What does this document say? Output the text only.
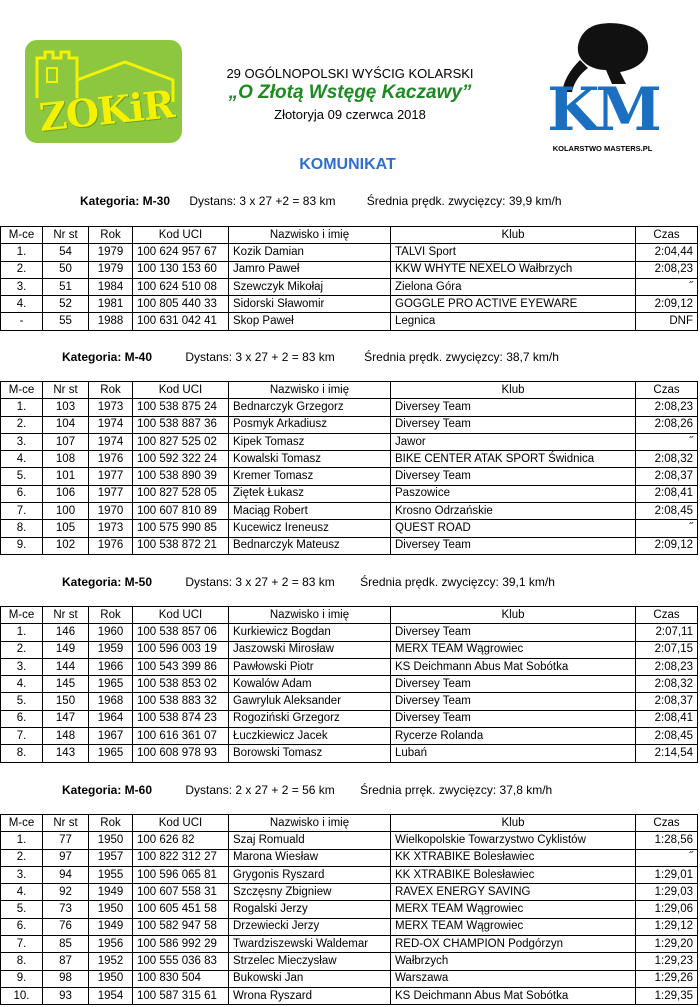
ZOKiR
29 OGÓLNOPOLSKI WYŚCIG KOLARSKI
„O Złotą Wstęgę Kaczawy”
Złotoryja 09 czerwca 2018	KM
KOLARSTWO MASTERS.PL
KOMUNIKAT
Kategoria: M-30 Dystans: 3 x 27 +2 = 83 km	Średnia prędk. zwycięzcy: 39,9 km/h
M-ce	Nr st	Rok	Kod UCI	Nazwisko i imię	Klub	Czas
1.	54	1979	100 624 957 67	Kozik Damian	TALVI Sport	2:04,44
2.	50	1979	100 130 153 60	Jamro Paweł	KKW WHYTE NEXELO Wałbrzych	2:08,23
3.	51	1984	100 624 510 08	Szewczyk Mikołaj	Zielona Góra	˝
4.	52	1981	100 805 440 33	Sidorski Sławomir	GOGGLE PRO ACTIVE EYEWARE	2:09,12
-	55	1988	100 631 042 41	Skop Paweł	Legnica	DNF
Kategoria: M-40	Dystans: 3 x 27 + 2 = 83 km Średnia prędk. zwycięzcy: 38,7 km/h
M-ce	Nr st	Rok	Kod UCI	Nazwisko i imię	Klub	Czas
1.	103	1973	100 538 875 24	Bednarczyk Grzegorz	Diversey Team	2:08,23
2.	104	1974	100 538 887 36	Posmyk Arkadiusz	Diversey Team	2:08,26
3.	107	1974	100 827 525 02	Kipek Tomasz	Jawor	˝
4.	108	1976	100 592 322 24	Kowalski Tomasz	BIKE CENTER ATAK SPORT Świdnica	2:08,32
5.	101	1977	100 538 890 39	Kremer Tomasz	Diversey Team	2:08,37
6.	106	1977	100 827 528 05	Ziętek Łukasz	Paszowice	2:08,41
7.	100	1970	100 607 810 89	Maciąg Robert	Krosno Odrzańskie	2:08,45
8.	105	1973	100 575 990 85	Kucewicz Ireneusz	QUEST ROAD	˝
9.	102	1976	100 538 872 21	Bednarczyk Mateusz	Diversey Team	2:09,12
Kategoria: M-50	Dystans: 3 x 27 + 2 = 83 km Średnia prędk. zwycięzcy: 39,1 km/h
M-ce	Nr st	Rok	Kod UCI	Nazwisko i imię	Klub	Czas
1.	146	1960	100 538 857 06	Kurkiewicz Bogdan	Diversey Team	2:07,11
2.	149	1959	100 596 003 19	Jaszowski Mirosław	MERX TEAM Wągrowiec	2:07,15
3.	144	1966	100 543 399 86	Pawłowski Piotr	KS Deichmann Abus Mat Sobótka	2:08,23
4.	145	1965	100 538 853 02	Kowalów Adam	Diversey Team	2:08,32
5.	150	1968	100 538 883 32	Gawryluk Aleksander	Diversey Team	2:08,37
6.	147	1964	100 538 874 23	Rogoziński Grzegorz	Diversey Team	2:08,41
7.	148	1967	100 616 361 07	Łuczkiewicz Jacek	Rycerze Rolanda	2:08,45
8.	143	1965	100 608 978 93	Borowski Tomasz	Lubań	2:14,54
Kategoria: M-60	Dystans: 2 x 27 + 2 = 56 km Średnia prręk. zwycięzcy: 37,8 km/h
M-ce	Nr st	Rok	Kod UCI	Nazwisko i imię	Klub	Czas
1.	77	1950	100 626 82	Szaj Romuald	Wielkopolskie Towarzystwo Cyklistów	1:28,56
2.	97	1957	100 822 312 27	Marona Wiesław	KK XTRABIKE Bolesławiec	˝
3.	94	1955	100 596 065 81	Grygonis Ryszard	KK XTRABIKE Bolesławiec	1:29,01
4.	92	1949	100 607 558 31	Szczęsny Zbigniew	RAVEX ENERGY SAVING	1:29,03
5.	73	1950	100 605 451 58	Rogalski Jerzy	MERX TEAM Wągrowiec	1:29,06
6.	76	1949	100 582 947 58	Drzewiecki Jerzy	MERX TEAM Wągrowiec	1:29,12
7.	85	1956	100 586 992 29	Twardziszewski Waldemar	RED-OX CHAMPION Podgórzyn	1:29,20
8.	87	1952	100 555 036 83	Strzelec Mieczysław	Wałbrzych	1:29,23
9.	98	1950	100 830 504	Bukowski Jan	Warszawa	1:29,26
10.	93	1954	100 587 315 61	Wrona Ryszard	KS Deichmann Abus Mat Sobótka	1:29,35
